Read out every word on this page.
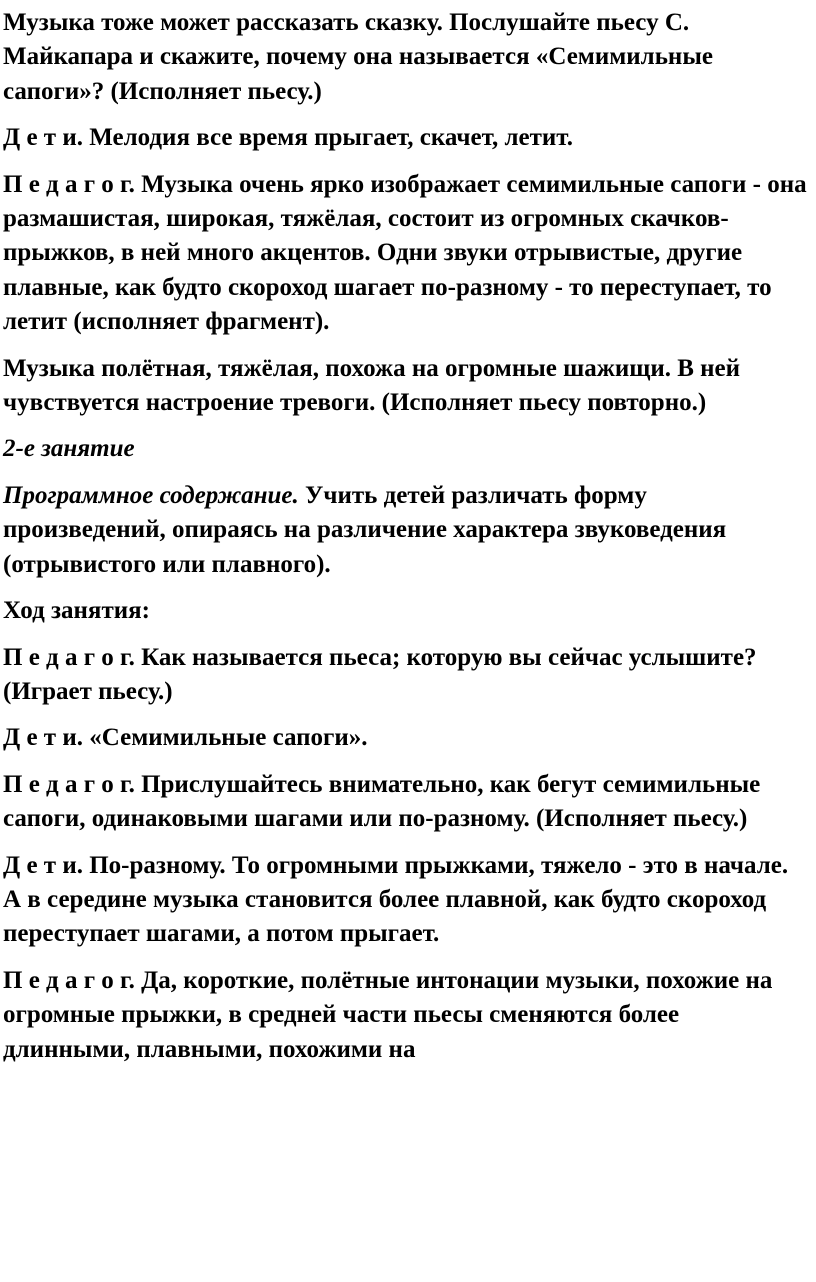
Музыка тоже может рассказать сказку. Послушайте пьесу С. Майкапара и скажите, почему она называется «Семимильные сапоги»? (Исполняет пьесу.)

Д е т и. Мелодия все время прыгает, скачет, летит.

П е д а г о г. Музыка очень ярко изображает семимильные сапоги - она размашистая, широкая, тяжёлая, состоит из огромных скачков-прыжков, в ней много акцентов. Одни звуки отрывистые, другие плавные, как будто скороход шагает по-разному - то переступает, то летит (исполняет фрагмент).

Музыка полётная, тяжёлая, похожа на огромные шажищи. В ней чувствуется настроение тревоги. (Исполняет пьесу повторно.)

2-е занятие

Программное содержание. Учить детей различать форму произведений, опираясь на различение характера звуковедения (отрывистого или плавного).

Ход занятия:

П е д а г о г. Как называется пьеса; которую вы сейчас услышите? (Играет пьесу.)

Д е т и. «Семимильные сапоги».

П е д а г о г. Прислушайтесь внимательно, как бегут семимильные сапоги, одинаковыми шагами или по-разному. (Исполняет пьесу.)

Д е т и. По-разному. То огромными прыжками, тяжело - это в начале. А в середине музыка становится более плавной, как будто скороход переступает шагами, а потом прыгает.

П е д а г о г. Да, короткие, полётные интонации музыки, похожие на огромные прыжки, в средней части пьесы сменяются более длинными, плавными, похожими на
